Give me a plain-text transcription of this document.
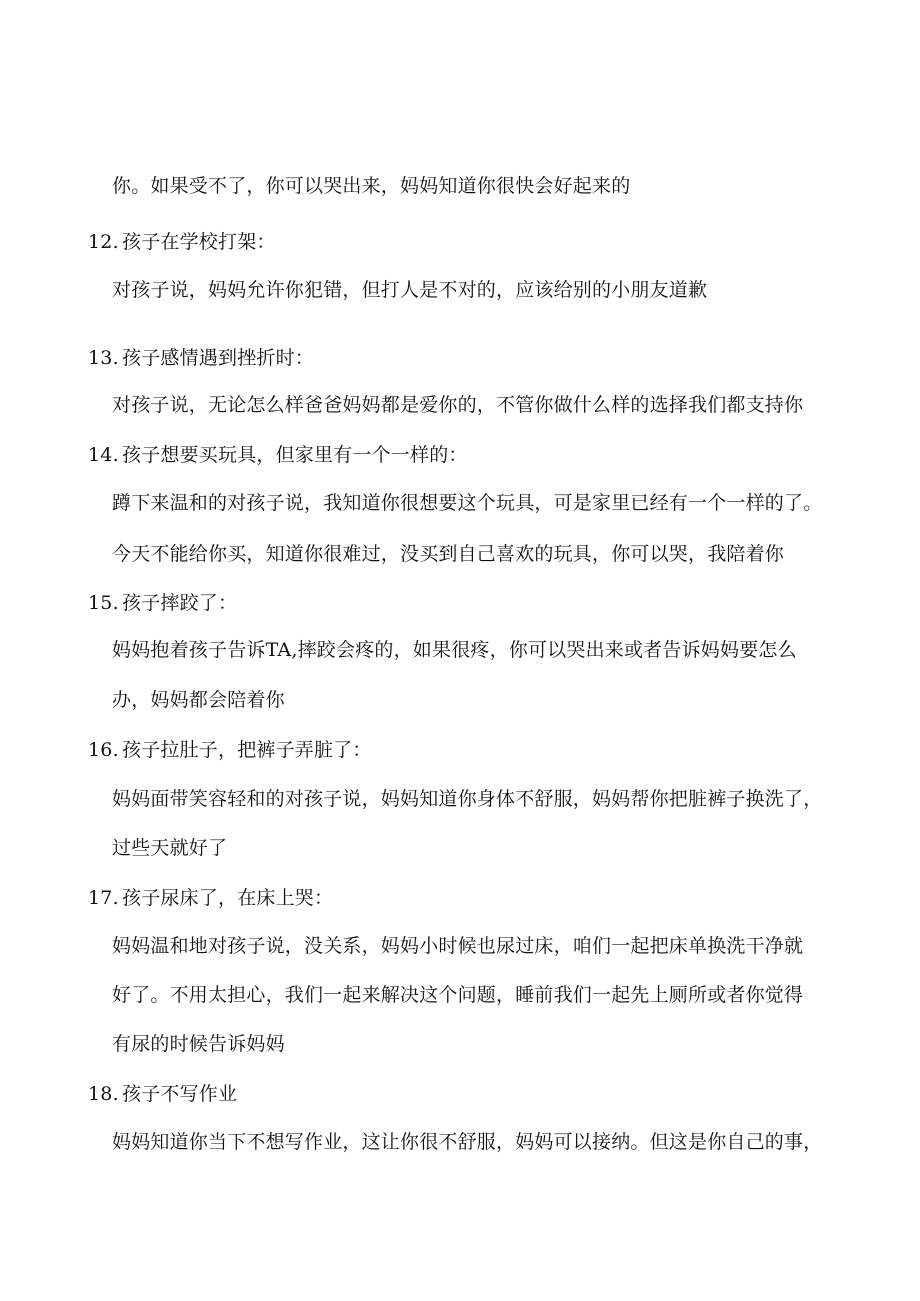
你。如果受不了，你可以哭出来，妈妈知道你很快会好起来的
12. 孩子在学校打架：
对孩子说，妈妈允许你犯错，但打人是不对的，应该给别的小朋友道歉
13. 孩子感情遇到挫折时：
对孩子说，无论怎么样爸爸妈妈都是爱你的，不管你做什么样的选择我们都支持你
14. 孩子想要买玩具，但家里有一个一样的：
蹲下来温和的对孩子说，我知道你很想要这个玩具，可是家里已经有一个一样的了。
今天不能给你买，知道你很难过，没买到自己喜欢的玩具，你可以哭，我陪着你
15. 孩子摔跤了：
妈妈抱着孩子告诉TA,摔跤会疼的，如果很疼，你可以哭出来或者告诉妈妈要怎么
办，妈妈都会陪着你
16. 孩子拉肚子，把裤子弄脏了：
妈妈面带笑容轻和的对孩子说，妈妈知道你身体不舒服，妈妈帮你把脏裤子换洗了，
过些天就好了
17. 孩子尿床了，在床上哭：
妈妈温和地对孩子说，没关系，妈妈小时候也尿过床，咱们一起把床单换洗干净就
好了。不用太担心，我们一起来解决这个问题，睡前我们一起先上厕所或者你觉得
有尿的时候告诉妈妈
18. 孩子不写作业
妈妈知道你当下不想写作业，这让你很不舒服，妈妈可以接纳。但这是你自己的事，
